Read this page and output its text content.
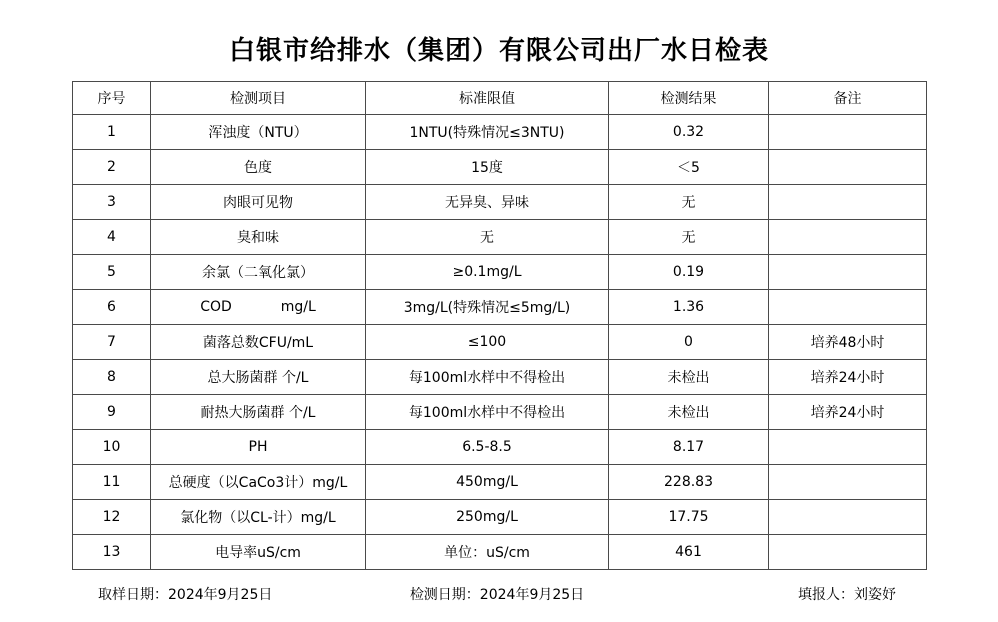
白银市给排水（集团）有限公司出厂水日检表
序号	检测项目	标准限值	检测结果	备注
1	浑浊度（NTU）	1NTU(特殊情况≤3NTU)	0.32	
2	色度	15度	＜5	
3	肉眼可见物	无异臭、异味	无	
4	臭和味	无	无	
5	余氯（二氧化氯）	≥0.1mg/L	0.19	
6	COD           mg/L	3mg/L(特殊情况≤5mg/L)	1.36	
7	菌落总数CFU/mL	≤100	0	培养48小时
8	总大肠菌群 个/L	每100ml水样中不得检出	未检出	培养24小时
9	耐热大肠菌群 个/L	每100ml水样中不得检出	未检出	培养24小时
10	PH	6.5-8.5	8.17	
11	总硬度（以CaCo3计）mg/L	450mg/L	228.83	
12	氯化物（以CL-计）mg/L	250mg/L	17.75	
13	电导率uS/cm	单位：uS/cm	461	
取样日期：2024年9月25日	检测日期：2024年9月25日	填报人：刘姿妤
